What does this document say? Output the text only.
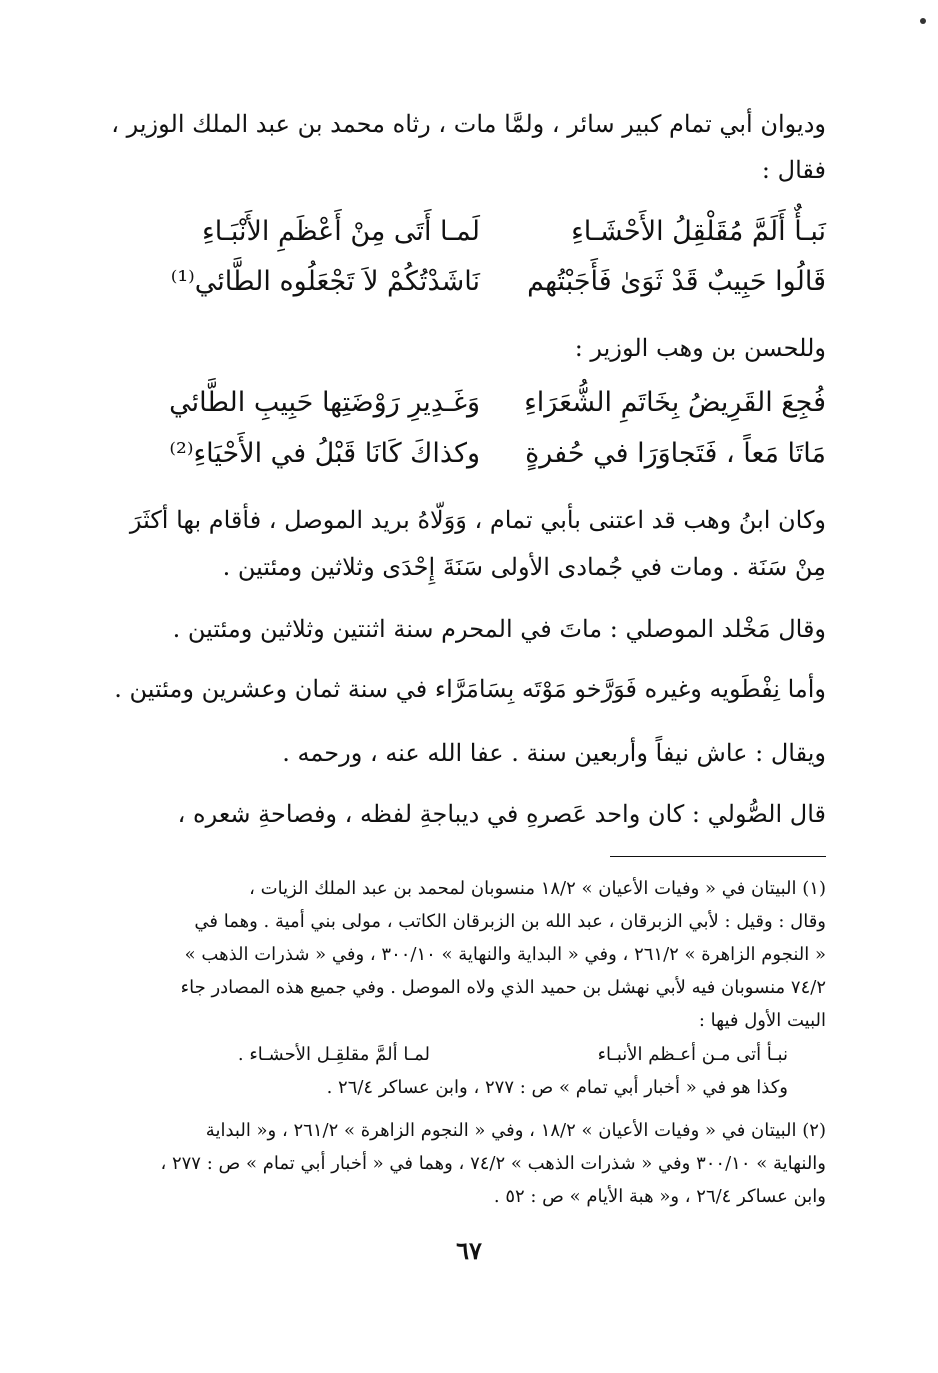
وديوان أبي تمام كبير سائر ، ولمَّا مات ، رثاه محمد بن عبد الملك الوزير ،
فقال :
نَبـأٌ أَلَمَّ مُقَلْقِلُ الأَحْشَـاءِ
لَمـا أَتَى مِنْ أَعْظَمِ الأَنْبَـاءِ
قَالُوا حَبِيبٌ قَدْ ثَوَىٰ فَأَجَبْتُهم
نَاشَدْتُكُمْ لاَ تَجْعَلُوه الطَّائي⁽¹⁾
وللحسن بن وهب الوزير :
فُجِعَ القَرِيضُ بِخَاتَمِ الشُّعَرَاءِ
وَغَـدِيرِ رَوْضَتِها حَبِيبِ الطَّائي
مَاتَا مَعاً ، فَتَجاوَرَا في حُفرةٍ
وكذاكَ كَانَا قَبْلُ في الأَحْيَاءِ⁽²⁾
وكان ابنُ وهب قد اعتنى بأبي تمام ، وَوَلّاهُ بريد الموصل ، فأقام بها أكثَرَ
مِنْ سَنَة . ومات في جُمادى الأولى سَنَةَ إِحْدَى وثلاثين ومئتين .
وقال مَخْلد الموصلي : ماتَ في المحرم سنة اثنتين وثلاثين ومئتين .
وأما نِفْطَويه وغيره فَوَرَّخو مَوْتَه بِسَامَرَّاء في سنة ثمان وعشرين ومئتين .
ويقال : عاش نيفاً وأربعين سنة . عفا الله عنه ، ورحمه .
قال الصُّولي : كان واحد عَصرهِ في ديباجةِ لفظه ، وفصاحةِ شعره ،
(١) البيتان في « وفيات الأعيان » ١٨/٢ منسوبان لمحمد بن عبد الملك الزيات ،
وقال : وقيل : لأبي الزبرقان ، عبد الله بن الزبرقان الكاتب ، مولى بني أمية . وهما في
« النجوم الزاهرة » ٢٦١/٢ ، وفي « البداية والنهاية » ٣٠٠/١٠ ، وفي « شذرات الذهب »
٧٤/٢ منسوبان فيه لأبي نهشل بن حميد الذي ولاه الموصل . وفي جميع هذه المصادر جاء
البيت الأول فيها :
نبـأ أتى مـن أعـظم الأنبـاء
لمـا ألمَّ مقلقِـل الأحشـاء .
وكذا هو في « أخبار أبي تمام » ص : ٢٧٧ ، وابن عساكر ٢٦/٤ .
(٢) البيتان في « وفيات الأعيان » ١٨/٢ ، وفي « النجوم الزاهرة » ٢٦١/٢ ، و« البداية
والنهاية » ٣٠٠/١٠ وفي « شذرات الذهب » ٧٤/٢ ، وهما في « أخبار أبي تمام » ص : ٢٧٧ ،
وابن عساكر ٢٦/٤ ، و« هبة الأيام » ص : ٥٢ .
٦٧
